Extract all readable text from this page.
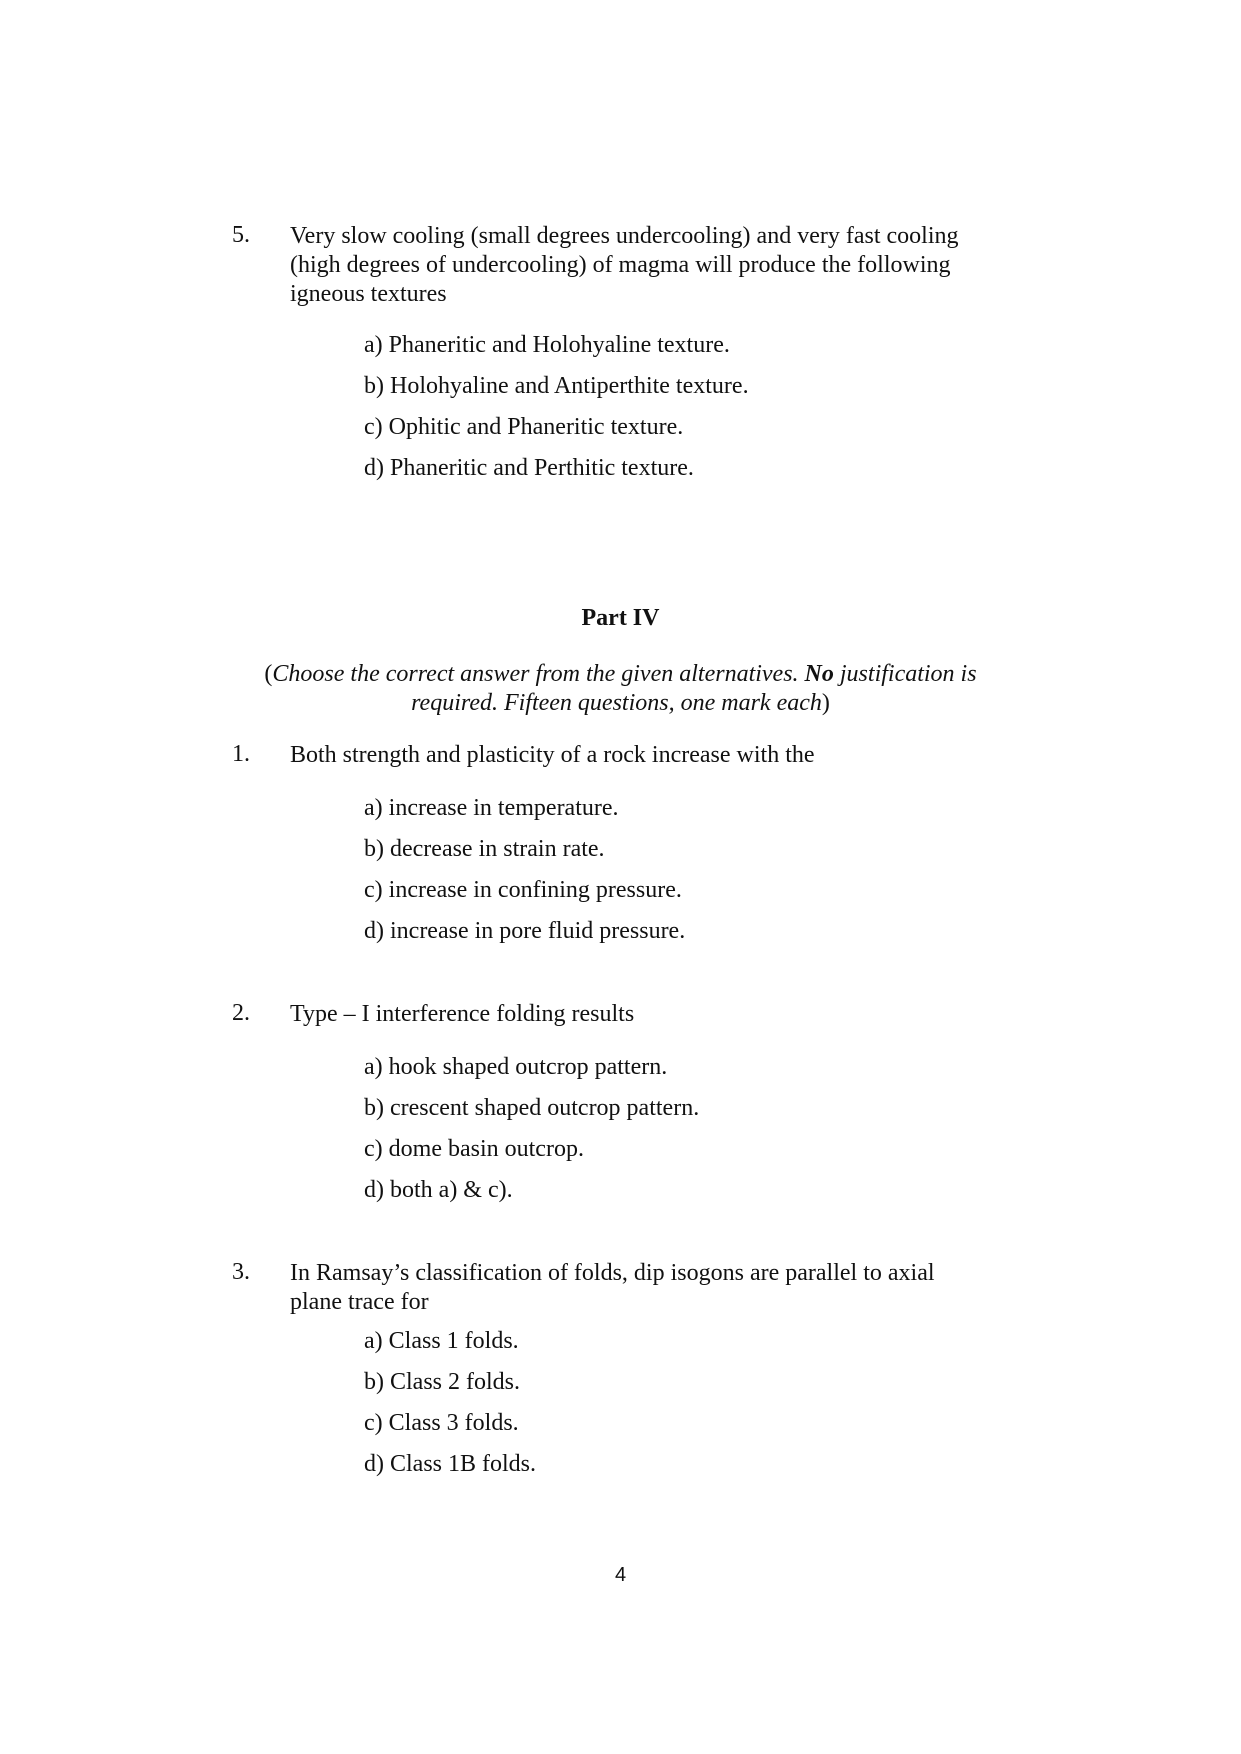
5. Very slow cooling (small degrees undercooling) and very fast cooling
(high degrees of undercooling) of magma will produce the following
igneous textures
a) Phaneritic and Holohyaline texture.
b) Holohyaline and Antiperthite texture.
c) Ophitic and Phaneritic texture.
d) Phaneritic and Perthitic texture.
Part IV
(Choose the correct answer from the given alternatives. No justification is
required. Fifteen questions, one mark each)
1. Both strength and plasticity of a rock increase with the
a) increase in temperature.
b) decrease in strain rate.
c) increase in confining pressure.
d) increase in pore fluid pressure.
2. Type – I interference folding results
a) hook shaped outcrop pattern.
b) crescent shaped outcrop pattern.
c) dome basin outcrop.
d) both a) & c).
3. In Ramsay’s classification of folds, dip isogons are parallel to axial
plane trace for
a) Class 1 folds.
b) Class 2 folds.
c) Class 3 folds.
d) Class 1B folds.
4
